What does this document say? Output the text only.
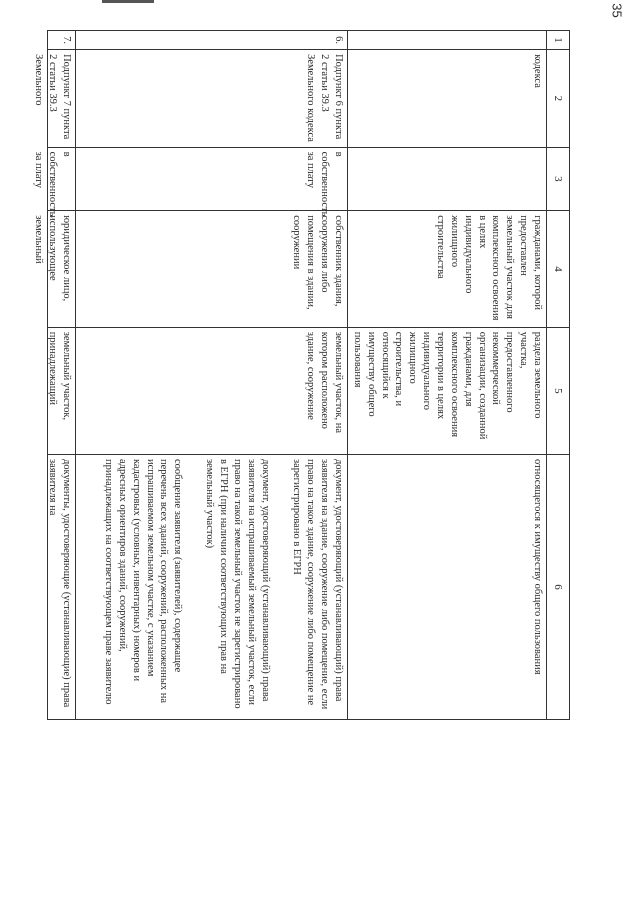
35
1	2	3	4	5	6
	кодекса		гражданами, которой предоставлен земельный участок для комплексного освоения в целях индивидуального жилищного строительства	раздела земельного участка, предоставленного некоммерческой организации, созданной гражданами, для комплексного освоения территории в целях индивидуального жилищного строительства, и относящийся к имуществу общего пользования	относящегося к имуществу общего пользования
6.	Подпункт 6 пункта 2 статьи 39.3 Земельного кодекса	в собственность за плату	собственник здания, сооружения либо помещения в здании, сооружении	земельный участок, на котором расположено здание, сооружение	документ, удостоверяющий (устанавливающий) права заявителя на здание, сооружение либо помещение, если право на такое здание, сооружение либо помещение не зарегистрировано в ЕГРН

документ, удостоверяющий (устанавливающий) права заявителя на испрашиваемый земельный участок, если право на такой земельный участок не зарегистрировано в ЕГРН (при наличии соответствующих прав на земельный участок)

сообщение заявителя (заявителей), содержащее перечень всех зданий, сооружений, расположенных на испрашиваемом земельном участке, с указанием кадастровых (условных, инвентарных) номеров и адресных ориентиров зданий, сооружений, принадлежащих на соответствующем праве заявителю

7.	Подпункт 7 пункта 2 статьи 39.3 Земельного	в собственность за плату	юридическое лицо, использующее земельный	земельный участок, принадлежащий	документы, удостоверяющие (устанавливающие) права заявителя на
